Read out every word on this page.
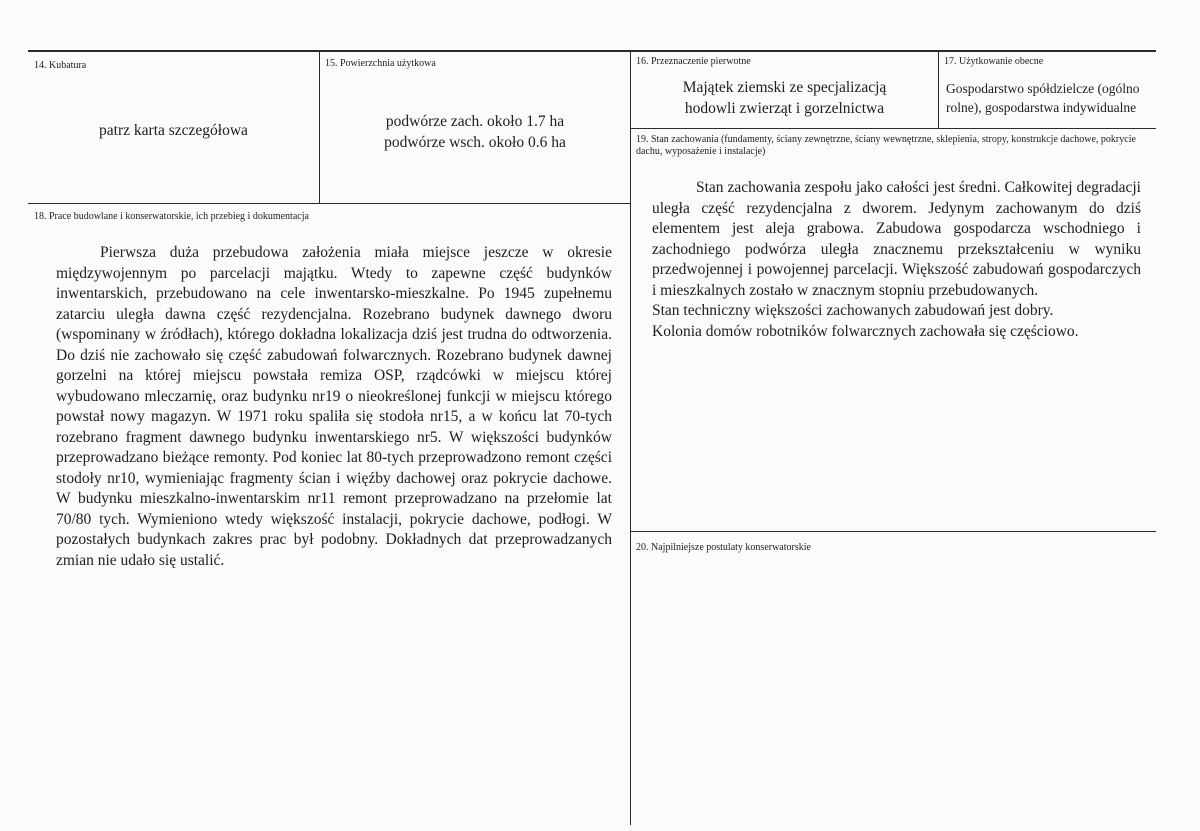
14. Kubatura
patrz karta szczegółowa
15. Powierzchnia użytkowa
podwórze zach. około 1.7 ha
podwórze wsch. około 0.6 ha
16. Przeznaczenie pierwotne
Majątek ziemski ze specjalizacją
hodowli zwierząt i gorzelnictwa
17. Użytkowanie obecne
Gospodarstwo spółdzielcze (ogólno
rolne), gospodarstwa indywidualne
18. Prace budowlane i konserwatorskie, ich przebieg i dokumentacja

Pierwsza duża przebudowa założenia miała miejsce jeszcze w okresie międzywojennym po parcelacji majątku. Wtedy to zapewne część budynków inwentarskich, przebudowano na cele inwentarsko-mieszkalne. Po 1945 zupełnemu zatarciu uległa dawna część rezydencjalna. Rozebrano budynek dawnego dworu (wspominany w źródłach), którego dokładna lokalizacja dziś jest trudna do odtworzenia. Do dziś nie zachowało się część zabudowań folwarcznych. Rozebrano budynek dawnej gorzelni na której miejscu powstała remiza OSP, rządcówki w miejscu której wybudowano mleczarnię, oraz budynku nr19 o nieokreślonej funkcji w miejscu którego powstał nowy magazyn. W 1971 roku spaliła się stodoła nr15, a w końcu lat 70-tych rozebrano fragment dawnego budynku inwentarskiego nr5. W większości budynków przeprowadzano bieżące remonty. Pod koniec lat 80-tych przeprowadzono remont części stodoły nr10, wymieniając fragmenty ścian i więźby dachowej oraz pokrycie dachowe. W budynku mieszkalno-inwentarskim nr11 remont przeprowadzano na przełomie lat 70/80 tych. Wymieniono wtedy większość instalacji, pokrycie dachowe, podłogi. W pozostałych budynkach zakres prac był podobny. Dokładnych dat przeprowadzanych zmian nie udało się ustalić.

19. Stan zachowania (fundamenty, ściany zewnętrzne, ściany wewnętrzne, sklepienia, stropy, konstrukcje dachowe, pokrycie dachu, wyposażenie i instalacje)

Stan zachowania zespołu jako całości jest średni. Całkowitej degradacji uległa część rezydencjalna z dworem. Jedynym zachowanym do dziś elementem jest aleja grabowa. Zabudowa gospodarcza wschodniego i zachodniego podwórza uległa znacznemu przekształceniu w wyniku przedwojennej i powojennej parcelacji. Większość zabudowań gospodarczych i mieszkalnych zostało w znacznym stopniu przebudowanych.

Stan techniczny większości zachowanych zabudowań jest dobry.

Kolonia domów robotników folwarcznych zachowała się częściowo.

20. Najpilniejsze postulaty konserwatorskie
